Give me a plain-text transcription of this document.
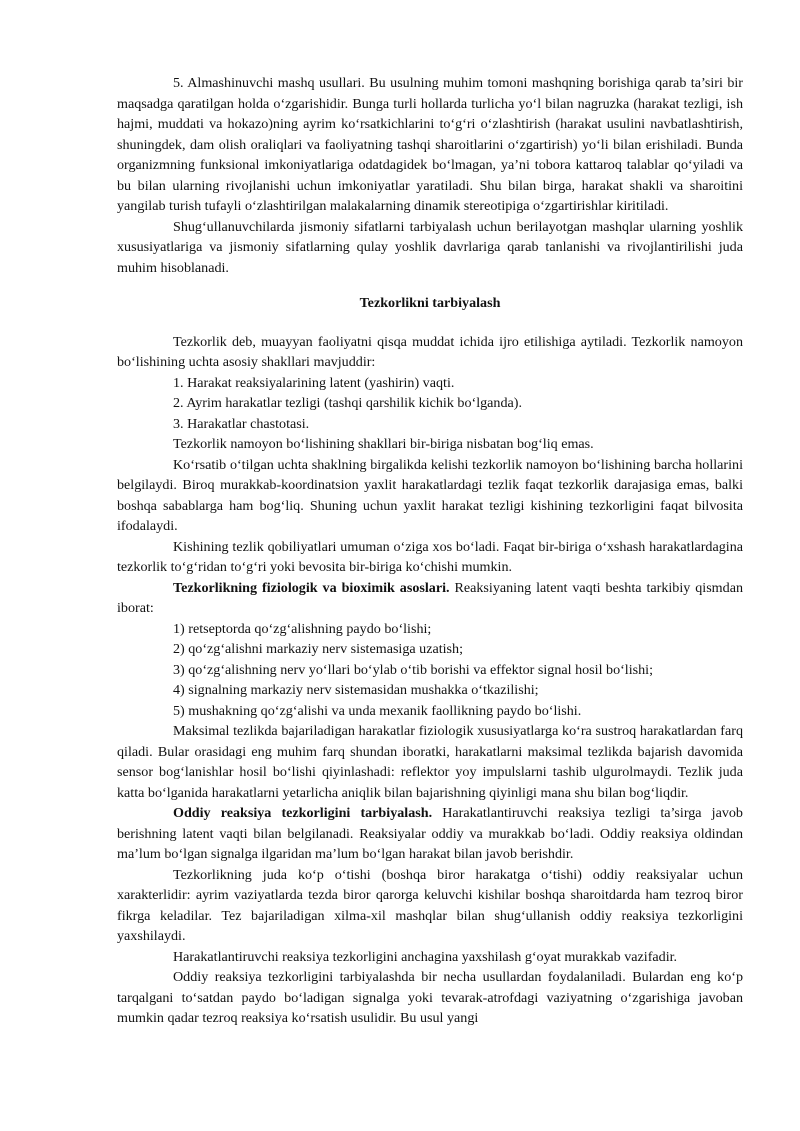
5. Almashinuvchi mashq usullari. Bu usulning muhim tomoni mashqning borishiga qarab ta’siri bir maqsadga qaratilgan holda o‘zgarishidir. Bunga turli hollarda turlicha yo‘l bilan nagruzka (harakat tezligi, ish hajmi, muddati va hokazo)ning ayrim ko‘rsatkichlarini to‘g‘ri o‘zlashtirish (harakat usulini navbatlashtirish, shuningdek, dam olish oraliqlari va faoliyatning tashqi sharoitlarini o‘zgartirish) yo‘li bilan erishiladi. Bunda organizmning funksional imkoniyatlariga odatdagidek bo‘lmagan, ya’ni tobora kattaroq talablar qo‘yiladi va bu bilan ularning rivojlanishi uchun imkoniyatlar yaratiladi. Shu bilan birga, harakat shakli va sharoitini yangilab turish tufayli o‘zlashtirilgan malakalarning dinamik stereotipiga o‘zgartirishlar kiritiladi.

Shug‘ullanuvchilarda jismoniy sifatlarni tarbiyalash uchun berilayotgan mashqlar ularning yoshlik xususiyatlariga va jismoniy sifatlarning qulay yoshlik davrlariga qarab tanlanishi va rivojlantirilishi juda muhim hisoblanadi.

Tezkorlikni tarbiyalash

Tezkorlik deb, muayyan faoliyatni qisqa muddat ichida ijro etilishiga aytiladi. Tezkorlik namoyon bo‘lishining uchta asosiy shakllari mavjuddir:

1. Harakat reaksiyalarining latent (yashirin) vaqti.

2. Ayrim harakatlar tezligi (tashqi qarshilik kichik bo‘lganda).

3. Harakatlar chastotasi.

Tezkorlik namoyon bo‘lishining shakllari bir-biriga nisbatan bog‘liq emas.

Ko‘rsatib o‘tilgan uchta shaklning birgalikda kelishi tezkorlik namoyon bo‘lishining barcha hollarini belgilaydi. Biroq murakkab-koordinatsion yaxlit harakatlardagi tezlik faqat tezkorlik darajasiga emas, balki boshqa sabablarga ham bog‘liq. Shuning uchun yaxlit harakat tezligi kishining tezkorligini faqat bilvosita ifodalaydi.

Kishining tezlik qobiliyatlari umuman o‘ziga xos bo‘ladi. Faqat bir-biriga o‘xshash harakatlardagina tezkorlik to‘g‘ridan to‘g‘ri yoki bevosita bir-biriga ko‘chishi mumkin.

Tezkorlikning fiziologik va bioximik asoslari. Reaksiyaning latent vaqti beshta tarkibiy qismdan iborat:

1) retseptorda qo‘zg‘alishning paydo bo‘lishi;

2) qo‘zg‘alishni markaziy nerv sistemasiga uzatish;

3) qo‘zg‘alishning nerv yo‘llari bo‘ylab o‘tib borishi va effektor signal hosil bo‘lishi;

4) signalning markaziy nerv sistemasidan mushakka o‘tkazilishi;

5) mushakning qo‘zg‘alishi va unda mexanik faollikning paydo bo‘lishi.

Maksimal tezlikda bajariladigan harakatlar fiziologik xususiyatlarga ko‘ra sustroq harakatlardan farq qiladi. Bular orasidagi eng muhim farq shundan iboratki, harakatlarni maksimal tezlikda bajarish davomida sensor bog‘lanishlar hosil bo‘lishi qiyinlashadi: reflektor yoy impulslarni tashib ulgurolmaydi. Tezlik juda katta bo‘lganida harakatlarni yetarlicha aniqlik bilan bajarishning qiyinligi mana shu bilan bog‘liqdir.

Oddiy reaksiya tezkorligini tarbiyalash. Harakatlantiruvchi reaksiya tezligi ta’sirga javob berishning latent vaqti bilan belgilanadi. Reaksiyalar oddiy va murakkab bo‘ladi. Oddiy reaksiya oldindan ma’lum bo‘lgan signalga ilgaridan ma’lum bo‘lgan harakat bilan javob berishdir.

Tezkorlikning juda ko‘p o‘tishi (boshqa biror harakatga o‘tishi) oddiy reaksiyalar uchun xarakterlidir: ayrim vaziyatlarda tezda biror qarorga keluvchi kishilar boshqa sharoitdarda ham tezroq biror fikrga keladilar. Tez bajariladigan xilma-xil mashqlar bilan shug‘ullanish oddiy reaksiya tezkorligini yaxshilaydi.

Harakatlantiruvchi reaksiya tezkorligini anchagina yaxshilash g‘oyat murakkab vazifadir.

Oddiy reaksiya tezkorligini tarbiyalashda bir necha usullardan foydalaniladi. Bulardan eng ko‘p tarqalgani to‘satdan paydo bo‘ladigan signalga yoki tevarak-atrofdagi vaziyatning o‘zgarishiga javoban mumkin qadar tezroq reaksiya ko‘rsatish usulidir. Bu usul yangi
